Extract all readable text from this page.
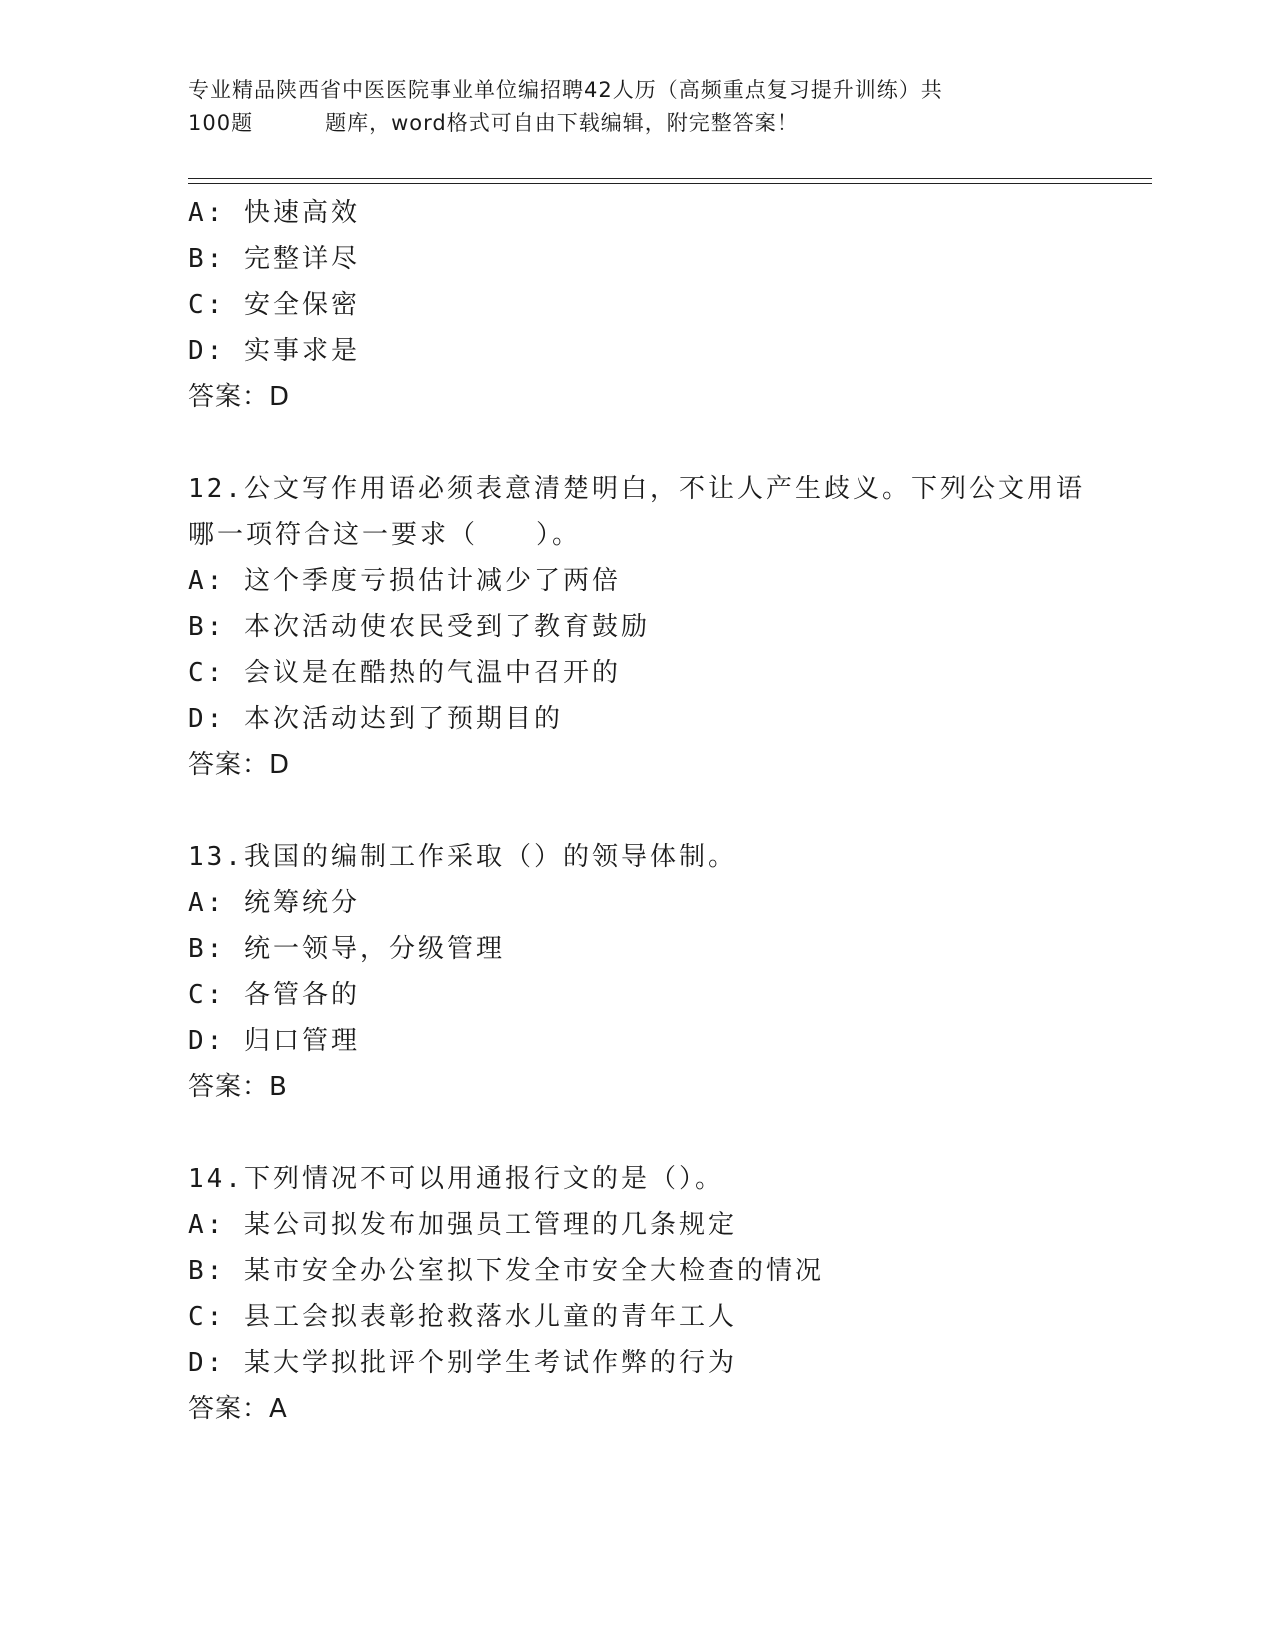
专业精品陕西省中医医院事业单位编招聘42人历（高频重点复习提升训练）共
100题	题库，word格式可自由下载编辑，附完整答案！
A: 快速高效
B: 完整详尽
C: 安全保密
D: 实事求是
答案：D
12.公文写作用语必须表意清楚明白，不让人产生歧义。下列公文用语
哪一项符合这一要求（　　）。
A: 这个季度亏损估计减少了两倍
B: 本次活动使农民受到了教育鼓励
C: 会议是在酷热的气温中召开的
D: 本次活动达到了预期目的
答案：D
13.我国的编制工作采取（）的领导体制。
A: 统筹统分
B: 统一领导，分级管理
C: 各管各的
D: 归口管理
答案：B
14.下列情况不可以用通报行文的是（）。
A: 某公司拟发布加强员工管理的几条规定
B: 某市安全办公室拟下发全市安全大检查的情况
C: 县工会拟表彰抢救落水儿童的青年工人
D: 某大学拟批评个别学生考试作弊的行为
答案：A
